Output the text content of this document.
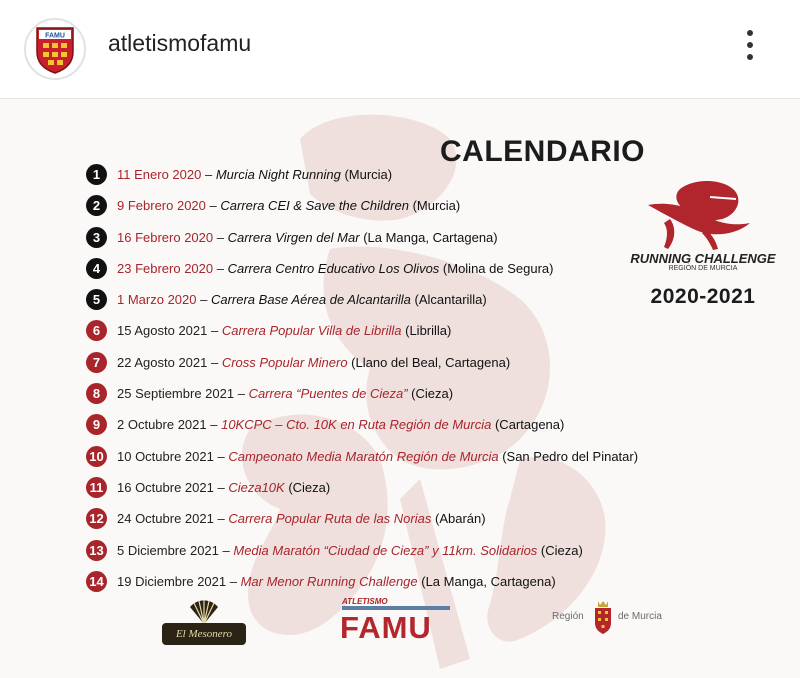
FAMU atletismofamu
CALENDARIO
RUNNING CHALLENGE
REGIÓN DE MURCIA
2020-2021
1	11 Enero 2020 – Murcia Night Running (Murcia)
2	9 Febrero 2020 – Carrera CEI & Save the Children (Murcia)
3	16 Febrero 2020 – Carrera Virgen del Mar (La Manga, Cartagena)
4	23 Febrero 2020 – Carrera Centro Educativo Los Olivos (Molina de Segura)
5	1 Marzo 2020 – Carrera Base Aérea de Alcantarilla (Alcantarilla)
6	15 Agosto 2021 – Carrera Popular Villa de Librilla (Librilla)
7	22 Agosto 2021 – Cross Popular Minero (Llano del Beal, Cartagena)
8	25 Septiembre 2021 – Carrera “Puentes de Cieza” (Cieza)
9	2 Octubre 2021 – 10KCPC – Cto. 10K en Ruta Región de Murcia (Cartagena)
10 10 Octubre 2021 – Campeonato Media Maratón Región de Murcia (San Pedro del Pinatar)
11 16 Octubre 2021 – Cieza10K (Cieza)
12 24 Octubre 2021 – Carrera Popular Ruta de las Norias (Abarán)
13 5 Diciembre 2021 – Media Maratón “Ciudad de Cieza” y 11km. Solidarios (Cieza)
14 19 Diciembre 2021 – Mar Menor Running Challenge (La Manga, Cartagena)
El Mesonero
ATLETISMO
FAMU	Región	de Murcia
